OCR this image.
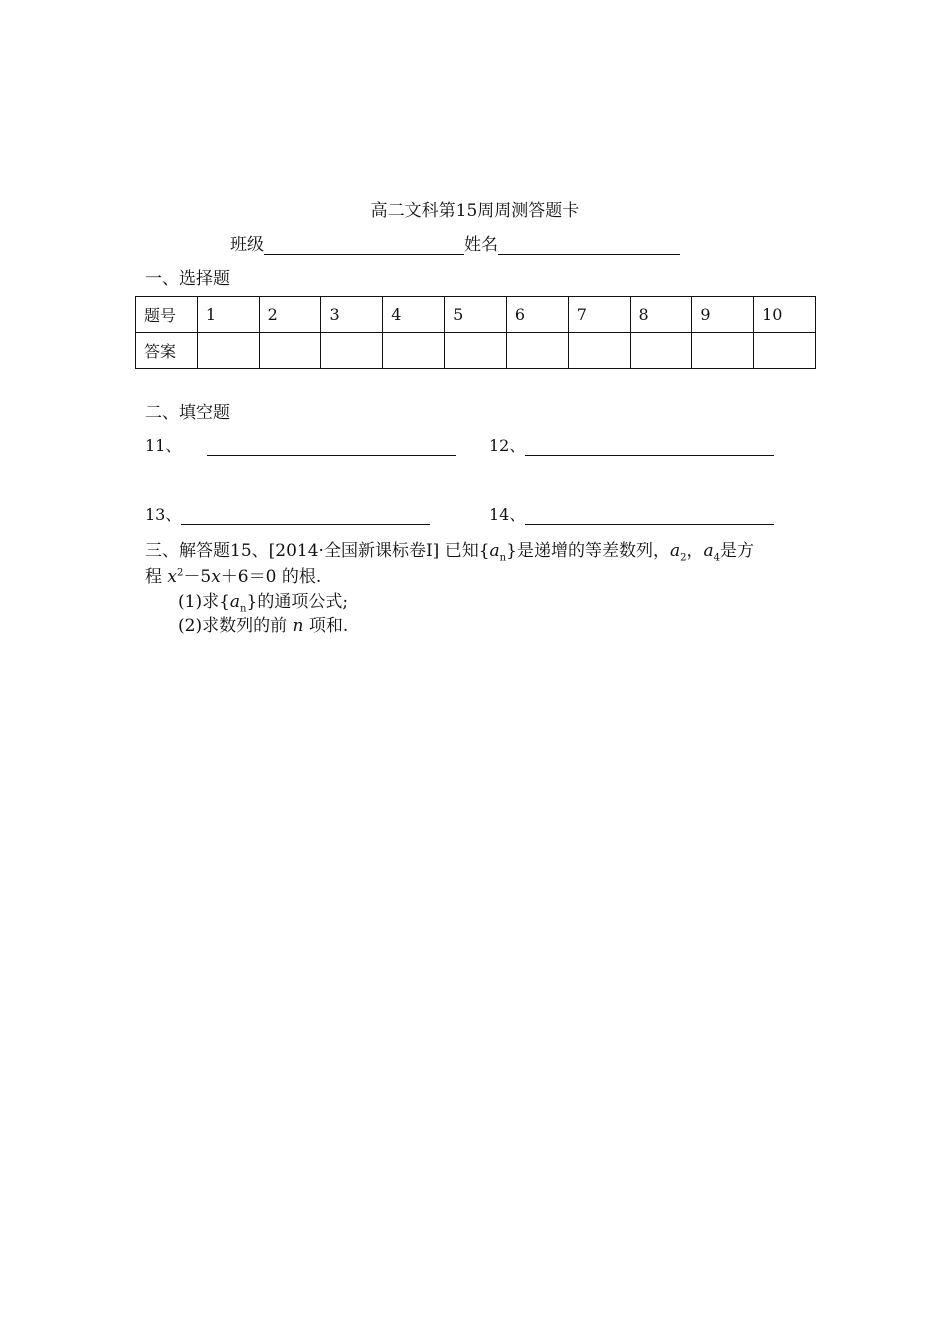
高二文科第15周周测答题卡
班级	姓名
一、选择题
题号	1	2	3	4	5	6	7	8	9	10
答案										
二、填空题
11、	12、
13、	14、
三、解答题15、[2014·全国新课标卷Ⅰ] 已知$\{a_n\}$是递增的等差数列，$a_2$，$a_4$是方
程 $x^2-5x+6=0$ 的根.
(1)求$\{a_n\}$的通项公式;
(2)求数列的前 n 项和.
